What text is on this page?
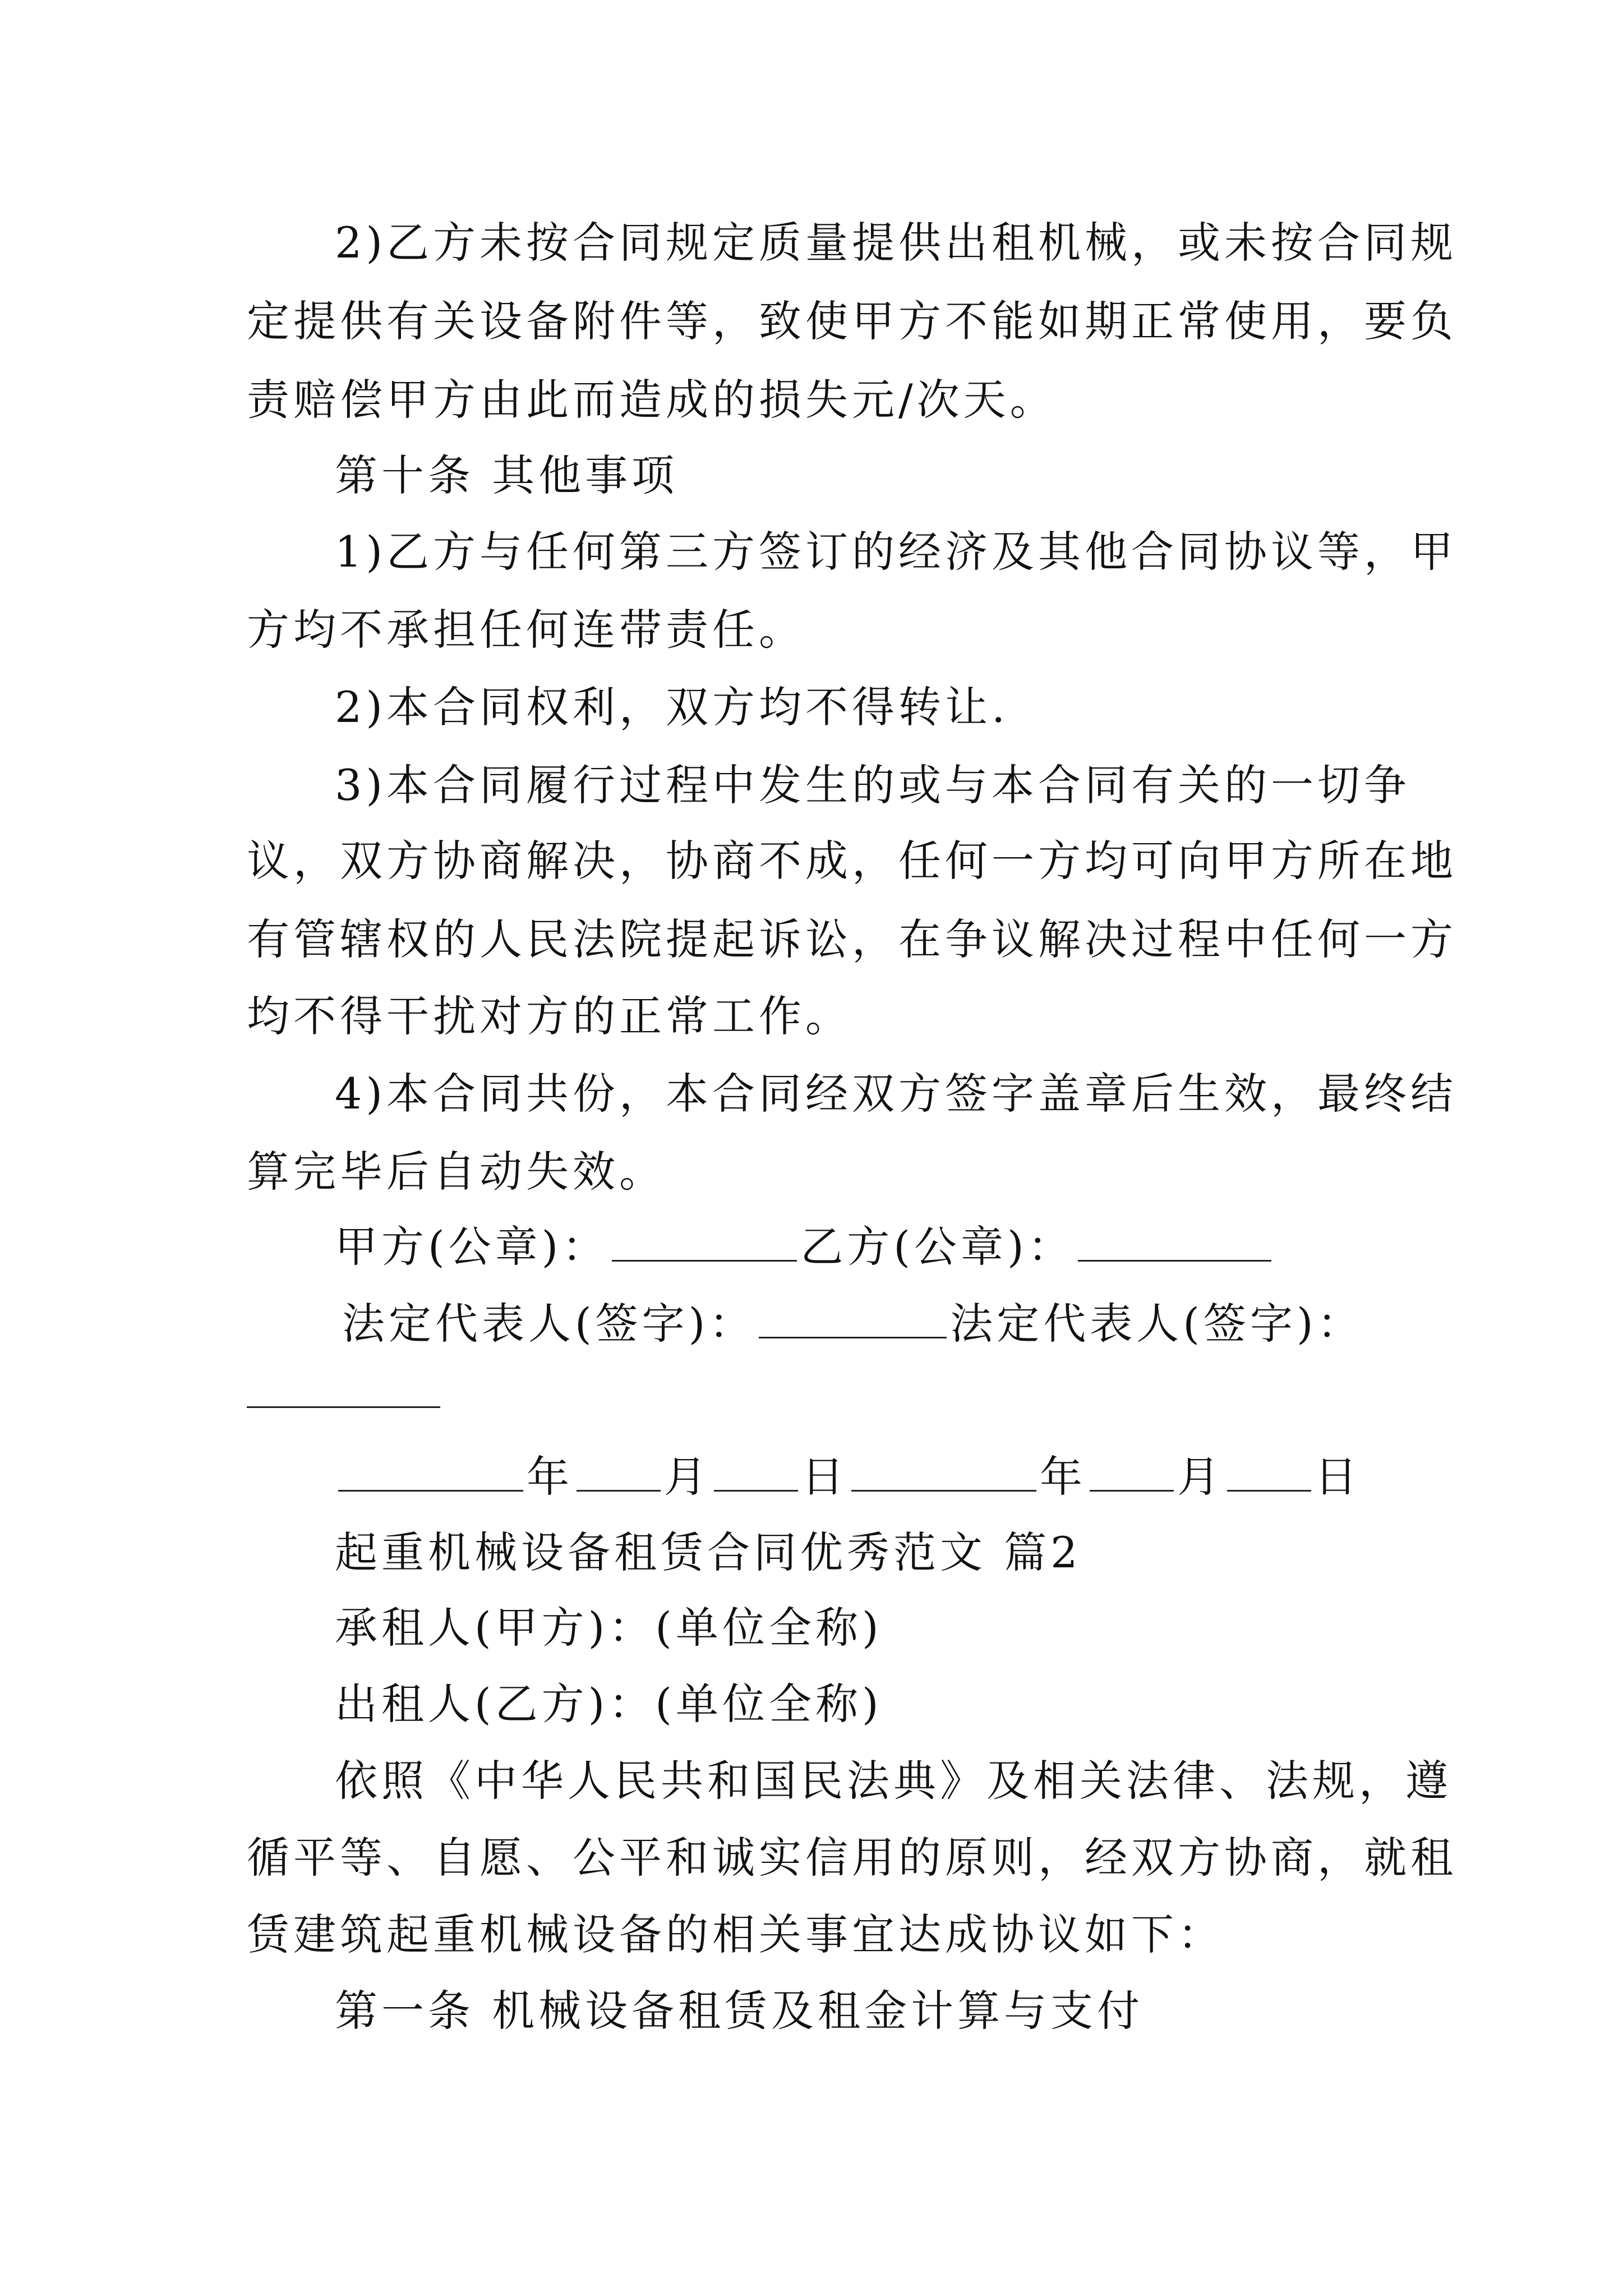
2)乙方未按合同规定质量提供出租机械，或未按合同规
定提供有关设备附件等，致使甲方不能如期正常使用，要负
责赔偿甲方由此而造成的损失元/次天。
第十条 其他事项
1)乙方与任何第三方签订的经济及其他合同协议等，甲
方均不承担任何连带责任。
2)本合同权利，双方均不得转让.
3)本合同履行过程中发生的或与本合同有关的一切争
议，双方协商解决，协商不成，任何一方均可向甲方所在地
有管辖权的人民法院提起诉讼，在争议解决过程中任何一方
均不得干扰对方的正常工作。
4)本合同共份，本合同经双方签字盖章后生效，最终结
算完毕后自动失效。
甲方(公章)：	乙方(公章)：
法定代表人(签字)：	法定代表人(签字)：
年 月 日	年 月 日
起重机械设备租赁合同优秀范文 篇2
承租人(甲方)：(单位全称)
出租人(乙方)：(单位全称)
依照《中华人民共和国民法典》及相关法律、法规，遵
循平等、自愿、公平和诚实信用的原则，经双方协商，就租
赁建筑起重机械设备的相关事宜达成协议如下：
第一条 机械设备租赁及租金计算与支付
